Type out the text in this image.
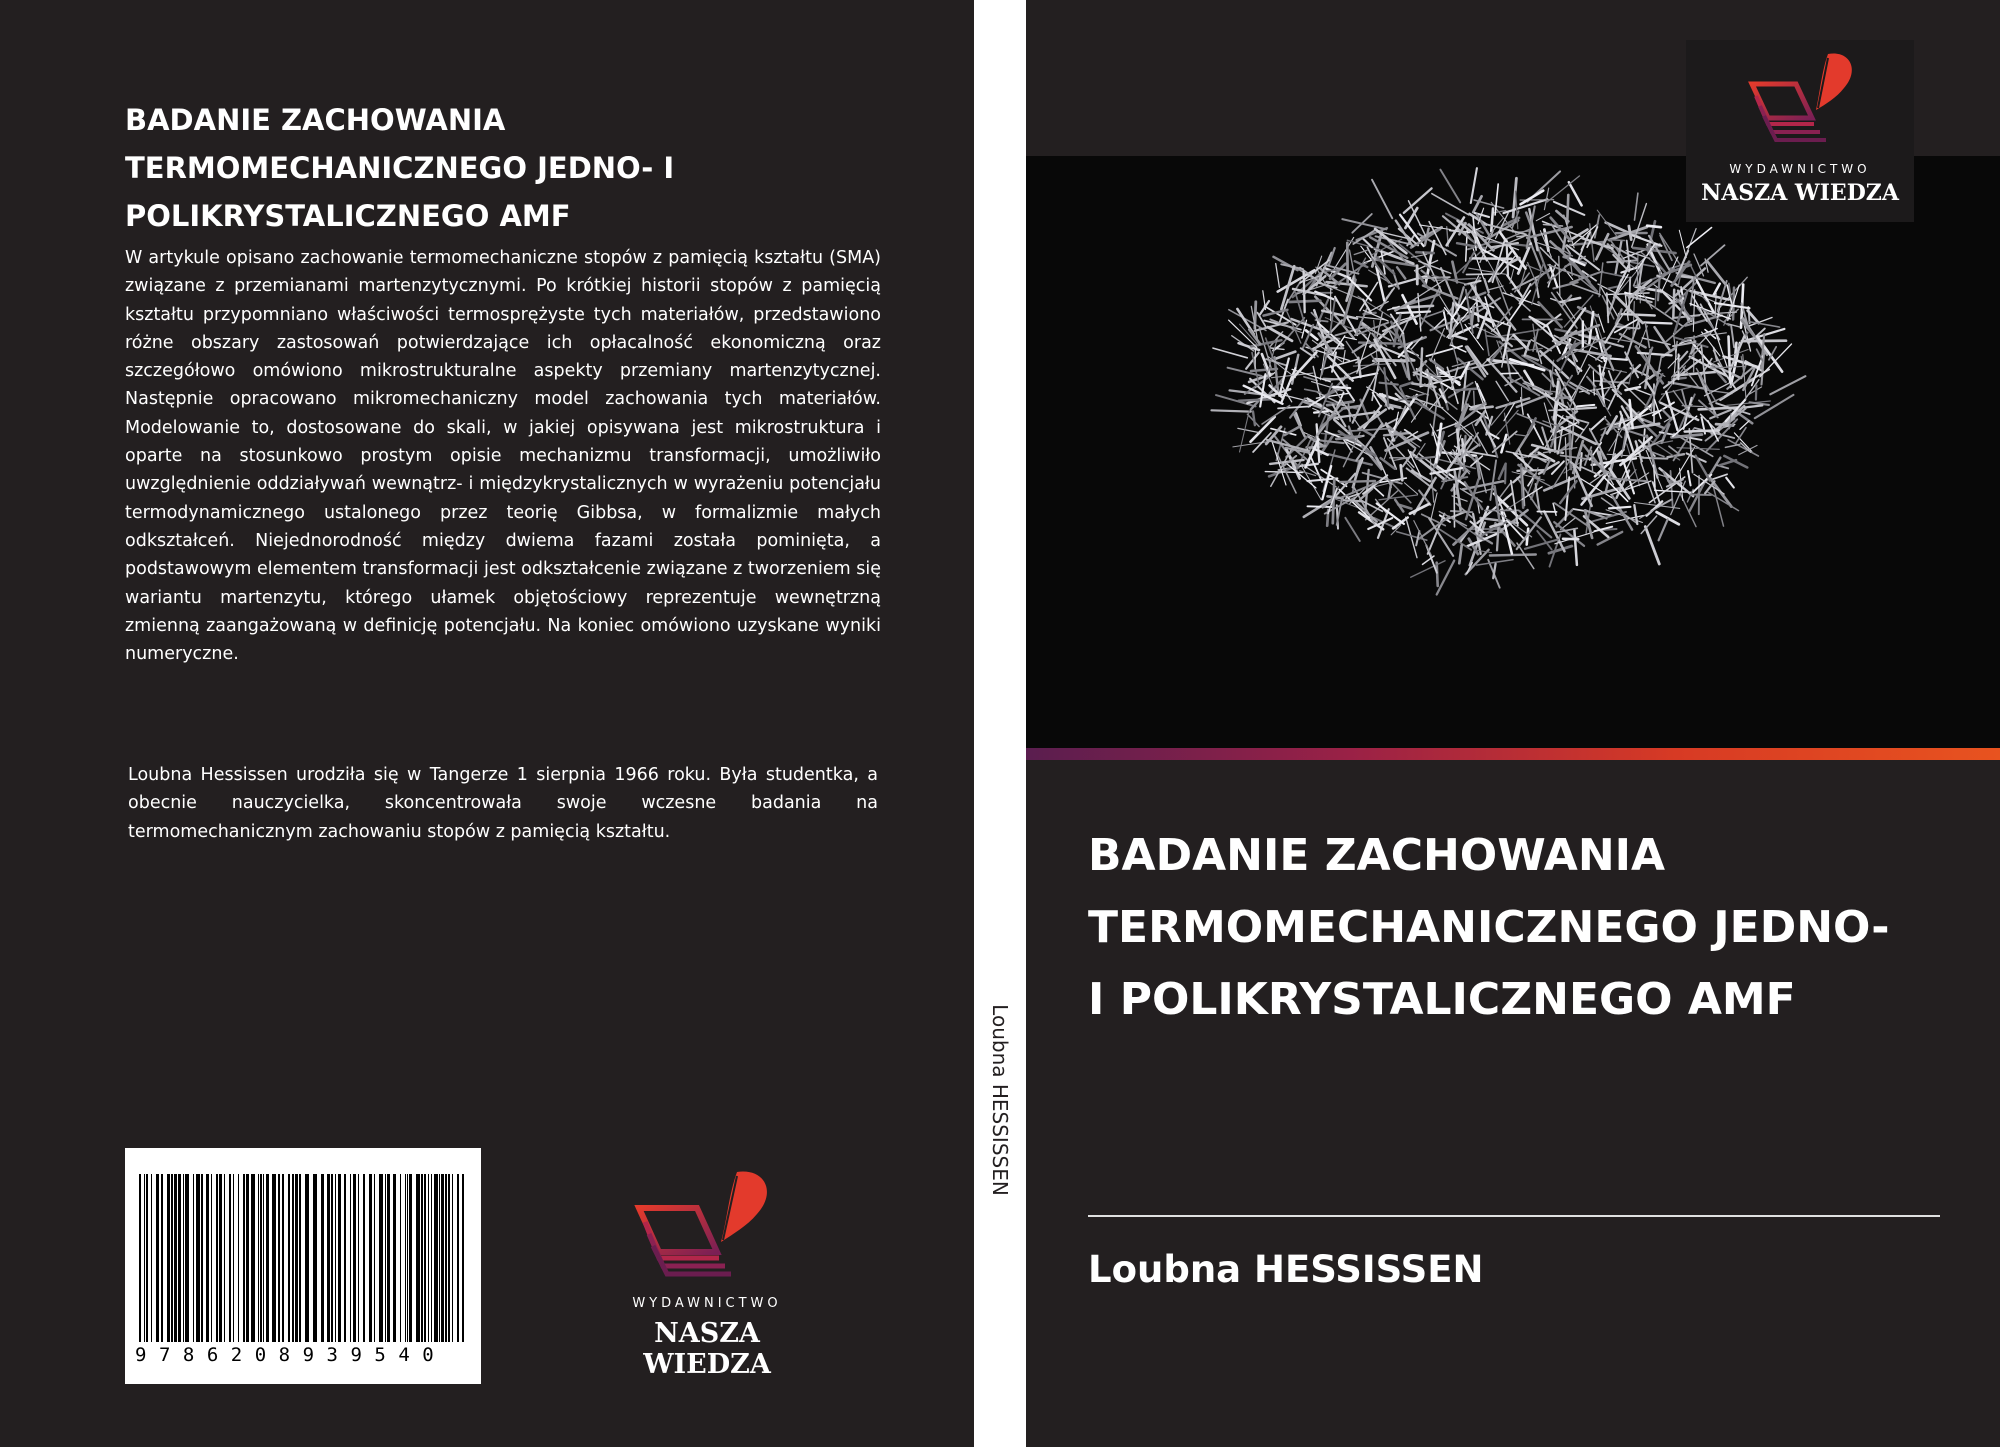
BADANIE ZACHOWANIA
TERMOMECHANICZNEGO JEDNO- I
POLIKRYSTALICZNEGO AMF
W artykule opisano zachowanie termomechaniczne stopów z pamięcią kształtu (SMA) związane z przemianami martenzytycznymi. Po krótkiej historii stopów z pamięcią kształtu przypomniano właściwości termosprężyste tych materiałów, przedstawiono różne obszary zastosowań potwierdzające ich opłacalność ekonomiczną oraz szczegółowo omówiono mikrostrukturalne aspekty przemiany martenzytycznej. Następnie opracowano mikromechaniczny model zachowania tych materiałów. Modelowanie to, dostosowane do skali, w jakiej opisywana jest mikrostruktura i oparte na stosunkowo prostym opisie mechanizmu transformacji, umożliwiło uwzględnienie oddziaływań wewnątrz- i międzykrystalicznych w wyrażeniu potencjału termodynamicznego ustalonego przez teorię Gibbsa, w formalizmie małych odkształceń. Niejednorodność między dwiema fazami została pominięta, a podstawowym elementem transformacji jest odkształcenie związane z tworzeniem się wariantu martenzytu, którego ułamek objętościowy reprezentuje wewnętrzną zmienną zaangażowaną w definicję potencjału. Na koniec omówiono uzyskane wyniki numeryczne.
Loubna Hessissen urodziła się w Tangerze 1 sierpnia 1966 roku. Była studentka, a obecnie nauczycielka, skoncentrowała swoje wczesne badania na termomechanicznym zachowaniu stopów z pamięcią kształtu.
9786208939540
WYDAWNICTWO
NASZA WIEDZA
Loubna HESSISSEN
WYDAWNICTWO
NASZA WIEDZA
BADANIE ZACHOWANIA
TERMOMECHANICZNEGO JEDNO-
I POLIKRYSTALICZNEGO AMF
Loubna HESSISSEN
